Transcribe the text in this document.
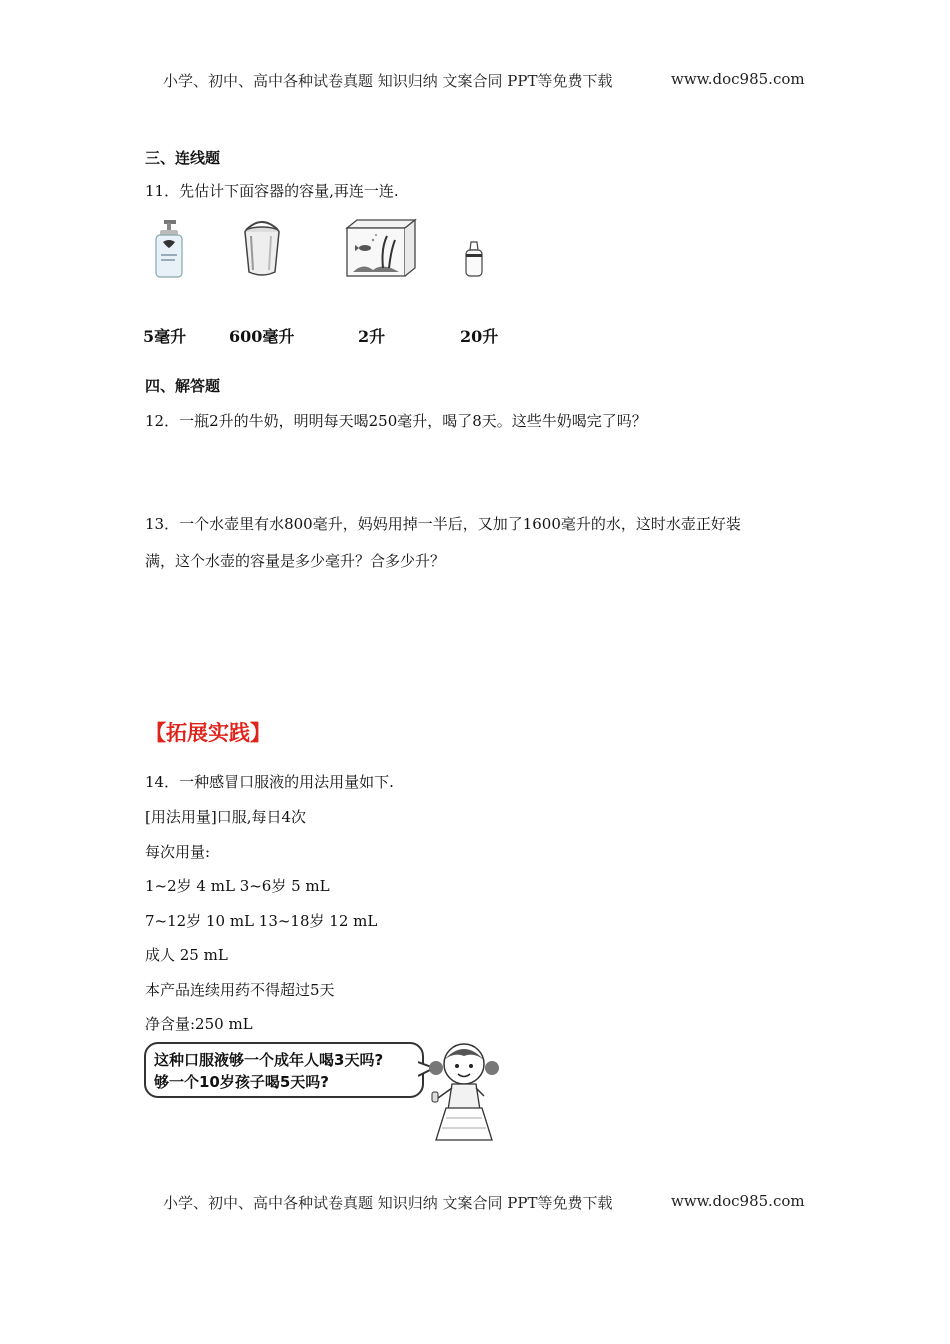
小学、初中、高中各种试卷真题 知识归纳 文案合同 PPT等免费下载	www.doc985.com
三、连线题
11．先估计下面容器的容量,再连一连.
5毫升	600毫升	2升	20升
四、解答题
12．一瓶2升的牛奶，明明每天喝250毫升，喝了8天。这些牛奶喝完了吗？
13．一个水壶里有水800毫升，妈妈用掉一半后，又加了1600毫升的水，这时水壶正好装
满，这个水壶的容量是多少毫升？合多少升？
【拓展实践】
14．一种感冒口服液的用法用量如下.
[用法用量]口服,每日4次
每次用量:
1~2岁 4 mL 3~6岁 5 mL
7~12岁 10 mL 13~18岁 12 mL
成人 25 mL
本产品连续用药不得超过5天
净含量:250 mL
这种口服液够一个成年人喝3天吗?
够一个10岁孩子喝5天吗?
小学、初中、高中各种试卷真题 知识归纳 文案合同 PPT等免费下载	www.doc985.com
